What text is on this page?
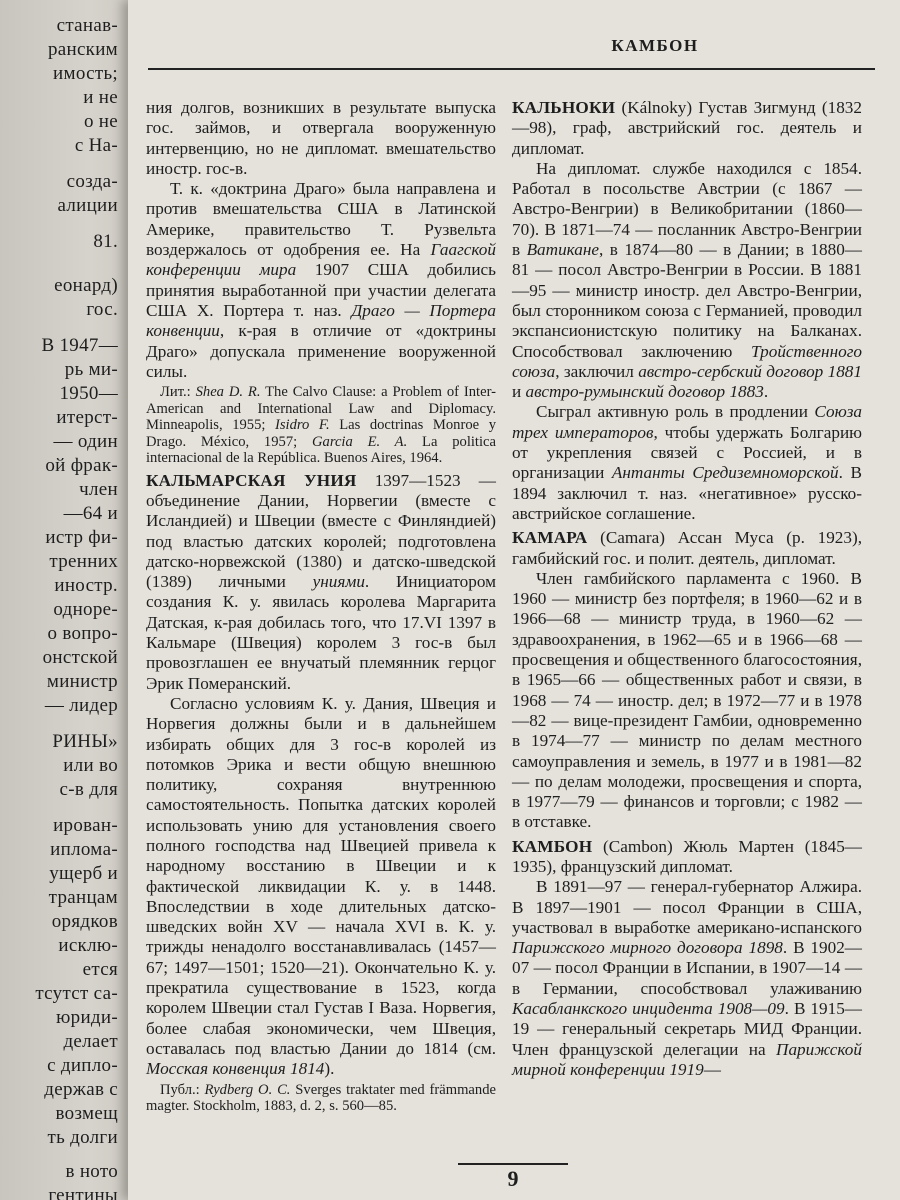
станав-
ранским
имость;
и не
о не
с На-
созда-
алиции
81.
еонард)
гос.
В 1947—
рь ми-
1950—
итерст-
— один
ой фрак-
член
—64 и
истр фи-
тренних
иностр.
однорe-
о вопро-
онстской
министр
— лидер
РИНЫ»
или во
с-в для
ирован-
ипломa-
ущерб и
транцам
орядков
исклю-
ется
тсутст са-
юриди-
делает
с дипло-
держав с
возмещ
ть долги
в ното
гентины
КАМБОН

ния долгов, возникших в результате выпуска гос. займов, и отвергала вооруженную интервенцию, но не дипломат. вмешательство иностр. гос-в.

Т. к. «доктрина Драго» была направлена и против вмешательства США в Латинской Америке, правительство Т. Рузвельта воздержалось от одобрения ее. На Гаагской конференции мира 1907 США добились принятия выработанной при участии делегата США Х. Портера т. наз. Драго — Портера конвенции, к-рая в отличие от «доктрины Драго» допускала применение вооруженной силы.

Лит.: Shea D. R. The Calvo Clause: a Problem of Inter-American and International Law and Diplomacy. Minneapolis, 1955; Isidro F. Las doctrinas Monroe y Drago. México, 1957; Garcia E. A. La politica internacional de la República. Buenos Aires, 1964.

КАЛЬМАРСКАЯ УНИЯ 1397—1523 — объединение Дании, Норвегии (вместе с Исландией) и Швеции (вместе с Финляндией) под властью датских королей; подготовлена датско-норвежской (1380) и датско-шведской (1389) личными униями. Инициатором создания К. у. явилась королева Маргарита Датская, к-рая добилась того, что 17.VI 1397 в Кальмаре (Швеция) королем 3 гос-в был провозглашен ее внучатый племянник герцог Эрик Померанский.

Согласно условиям К. у. Дания, Швеция и Норвегия должны были и в дальнейшем избирать общих для 3 гос-в королей из потомков Эрика и вести общую внешнюю политику, сохраняя внутреннюю самостоятельность. Попытка датских королей использовать унию для установления своего полного господства над Швецией привела к народному восстанию в Швеции и к фактической ликвидации К. у. в 1448. Впоследствии в ходе длительных датско-шведских войн XV — начала XVI в. К. у. трижды ненадолго восстанавливалась (1457—67; 1497—1501; 1520—21). Окончательно К. у. прекратила существование в 1523, когда королем Швеции стал Густав I Ваза. Норвегия, более слабая экономически, чем Швеция, оставалась под властью Дании до 1814 (см. Мосская конвенция 1814).

Публ.: Rydberg O. C. Sverges traktater med främmande magter. Stockholm, 1883, d. 2, s. 560—85.

КАЛЬНОКИ (Kálnoky) Густав Зигмунд (1832—98), граф, австрийский гос. деятель и дипломат.

На дипломат. службе находился с 1854. Работал в посольстве Австрии (с 1867 — Австро-Венгрии) в Великобритании (1860—70). В 1871—74 — посланник Австро-Венгрии в Ватикане, в 1874—80 — в Дании; в 1880—81 — посол Австро-Венгрии в России. В 1881—95 — министр иностр. дел Австро-Венгрии, был сторонником союза с Германией, проводил экспансионистскую политику на Балканах. Способствовал заключению Тройственного союза, заключил австро-сербский договор 1881 и австро-румынский договор 1883.

Сыграл активную роль в продлении Союза трех императоров, чтобы удержать Болгарию от укрепления связей с Россией, и в организации Антанты Средиземноморской. В 1894 заключил т. наз. «негативное» русско-австрийское соглашение.

КАМАРА (Camara) Ассан Муса (р. 1923), гамбийский гос. и полит. деятель, дипломат.

Член гамбийского парламента с 1960. В 1960 — министр без портфеля; в 1960—62 и в 1966—68 — министр труда, в 1960—62 — здравоохранения, в 1962—65 и в 1966—68 — просвещения и общественного благосостояния, в 1965—66 — общественных работ и связи, в 1968 — 74 — иностр. дел; в 1972—77 и в 1978—82 — вице-президент Гамбии, одновременно в 1974—77 — министр по делам местного самоуправления и земель, в 1977 и в 1981—82 — по делам молодежи, просвещения и спорта, в 1977—79 — финансов и торговли; с 1982 — в отставке.

КАМБОН (Cambon) Жюль Мартен (1845—1935), французский дипломат.

В 1891—97 — генерал-губернатор Алжира. В 1897—1901 — посол Франции в США, участвовал в выработке американо-испанского Парижского мирного договора 1898. В 1902—07 — посол Франции в Испании, в 1907—14 — в Германии, способствовал улаживанию Касабланкского инцидента 1908—09. В 1915—19 — генеральный секретарь МИД Франции. Член французской делегации на Парижской мирной конференции 1919—

9
